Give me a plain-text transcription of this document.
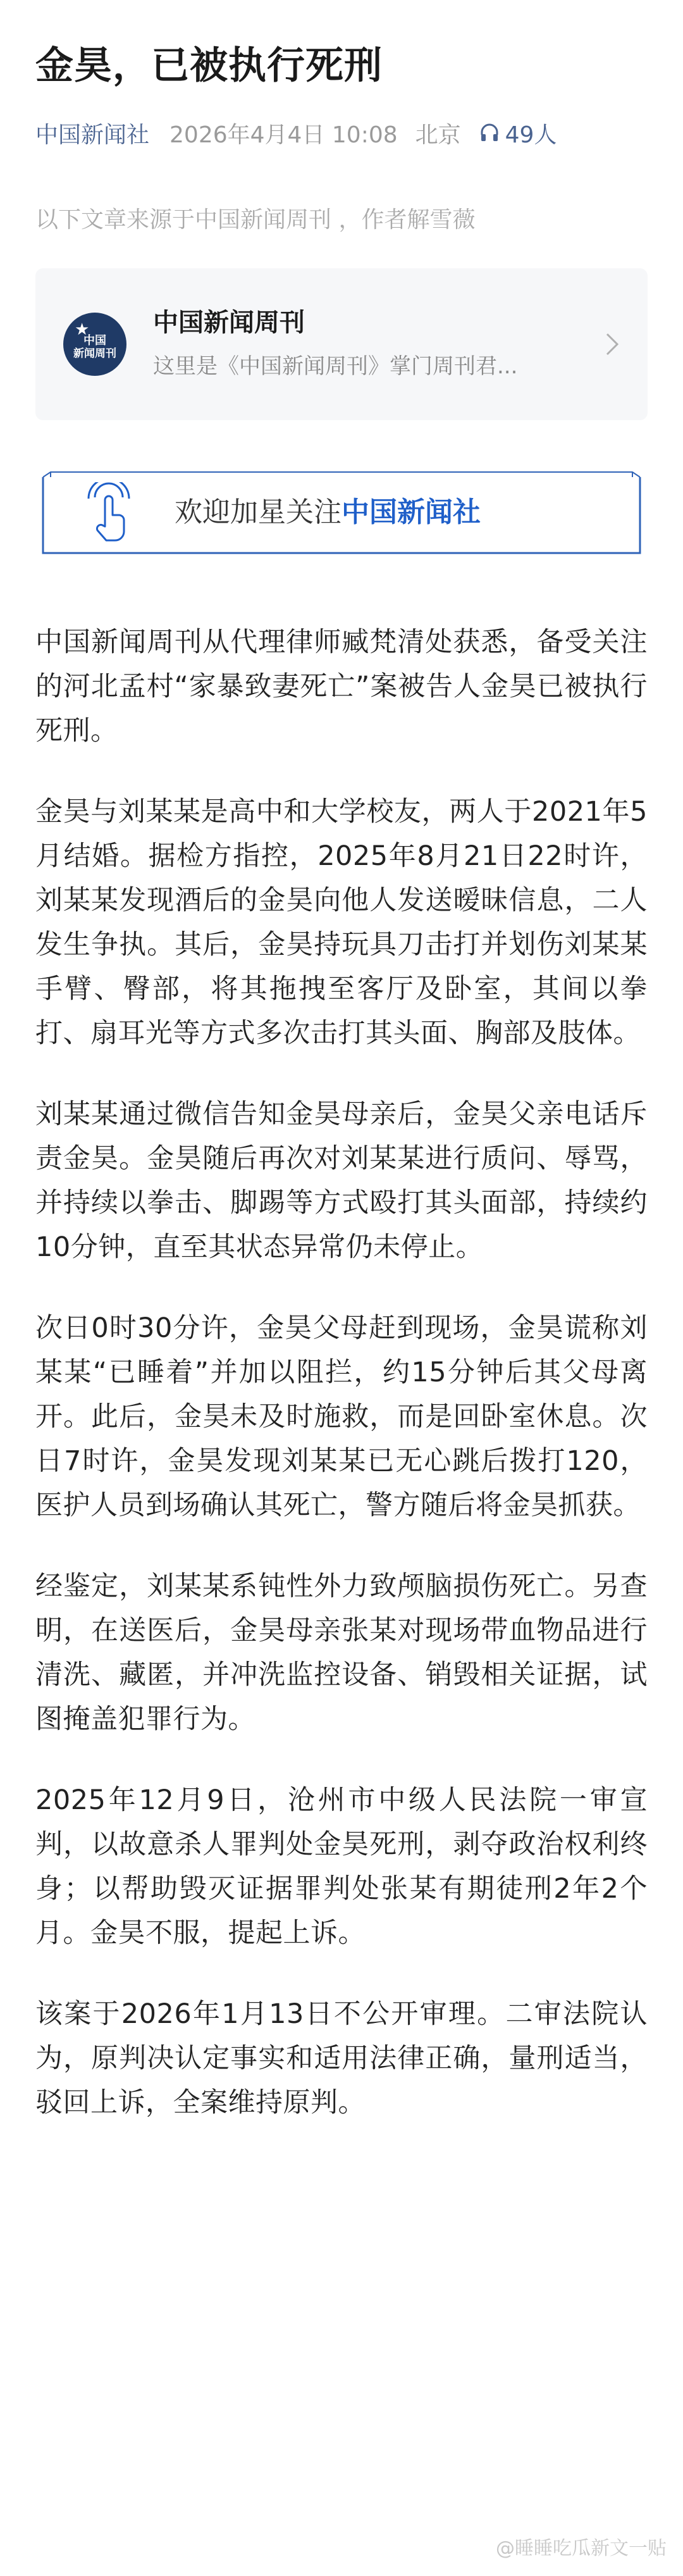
金昊，已被执行死刑
中国新闻社 2026年4月4日 10:08 北京 49人
以下文章来源于中国新闻周刊 ，作者解雪薇
★
中国
新闻周刊
中国新闻周刊
这里是《中国新闻周刊》掌门周刊君...
欢迎加星关注中国新闻社

中国新闻周刊从代理律师臧梵清处获悉，备受关注的河北孟村“家暴致妻死亡”案被告人金昊已被执行死刑。

金昊与刘某某是高中和大学校友，两人于2021年5月结婚。据检方指控，2025年8月21日22时许，刘某某发现酒后的金昊向他人发送暧昧信息，二人发生争执。其后，金昊持玩具刀击打并划伤刘某某手臂、臀部，将其拖拽至客厅及卧室，其间以拳打、扇耳光等方式多次击打其头面、胸部及肢体。

刘某某通过微信告知金昊母亲后，金昊父亲电话斥责金昊。金昊随后再次对刘某某进行质问、辱骂，并持续以拳击、脚踢等方式殴打其头面部，持续约10分钟，直至其状态异常仍未停止。

次日0时30分许，金昊父母赶到现场，金昊谎称刘某某“已睡着”并加以阻拦，约15分钟后其父母离开。此后，金昊未及时施救，而是回卧室休息。次日7时许，金昊发现刘某某已无心跳后拨打120，医护人员到场确认其死亡，警方随后将金昊抓获。

经鉴定，刘某某系钝性外力致颅脑损伤死亡。另查明，在送医后，金昊母亲张某对现场带血物品进行清洗、藏匿，并冲洗监控设备、销毁相关证据，试图掩盖犯罪行为。

2025年12月9日，沧州市中级人民法院一审宣判，以故意杀人罪判处金昊死刑，剥夺政治权利终身；以帮助毁灭证据罪判处张某有期徒刑2年2个月。金昊不服，提起上诉。

该案于2026年1月13日不公开审理。二审法院认为，原判决认定事实和适用法律正确，量刑适当，驳回上诉，全案维持原判。

@睡睡吃瓜新文一贴
